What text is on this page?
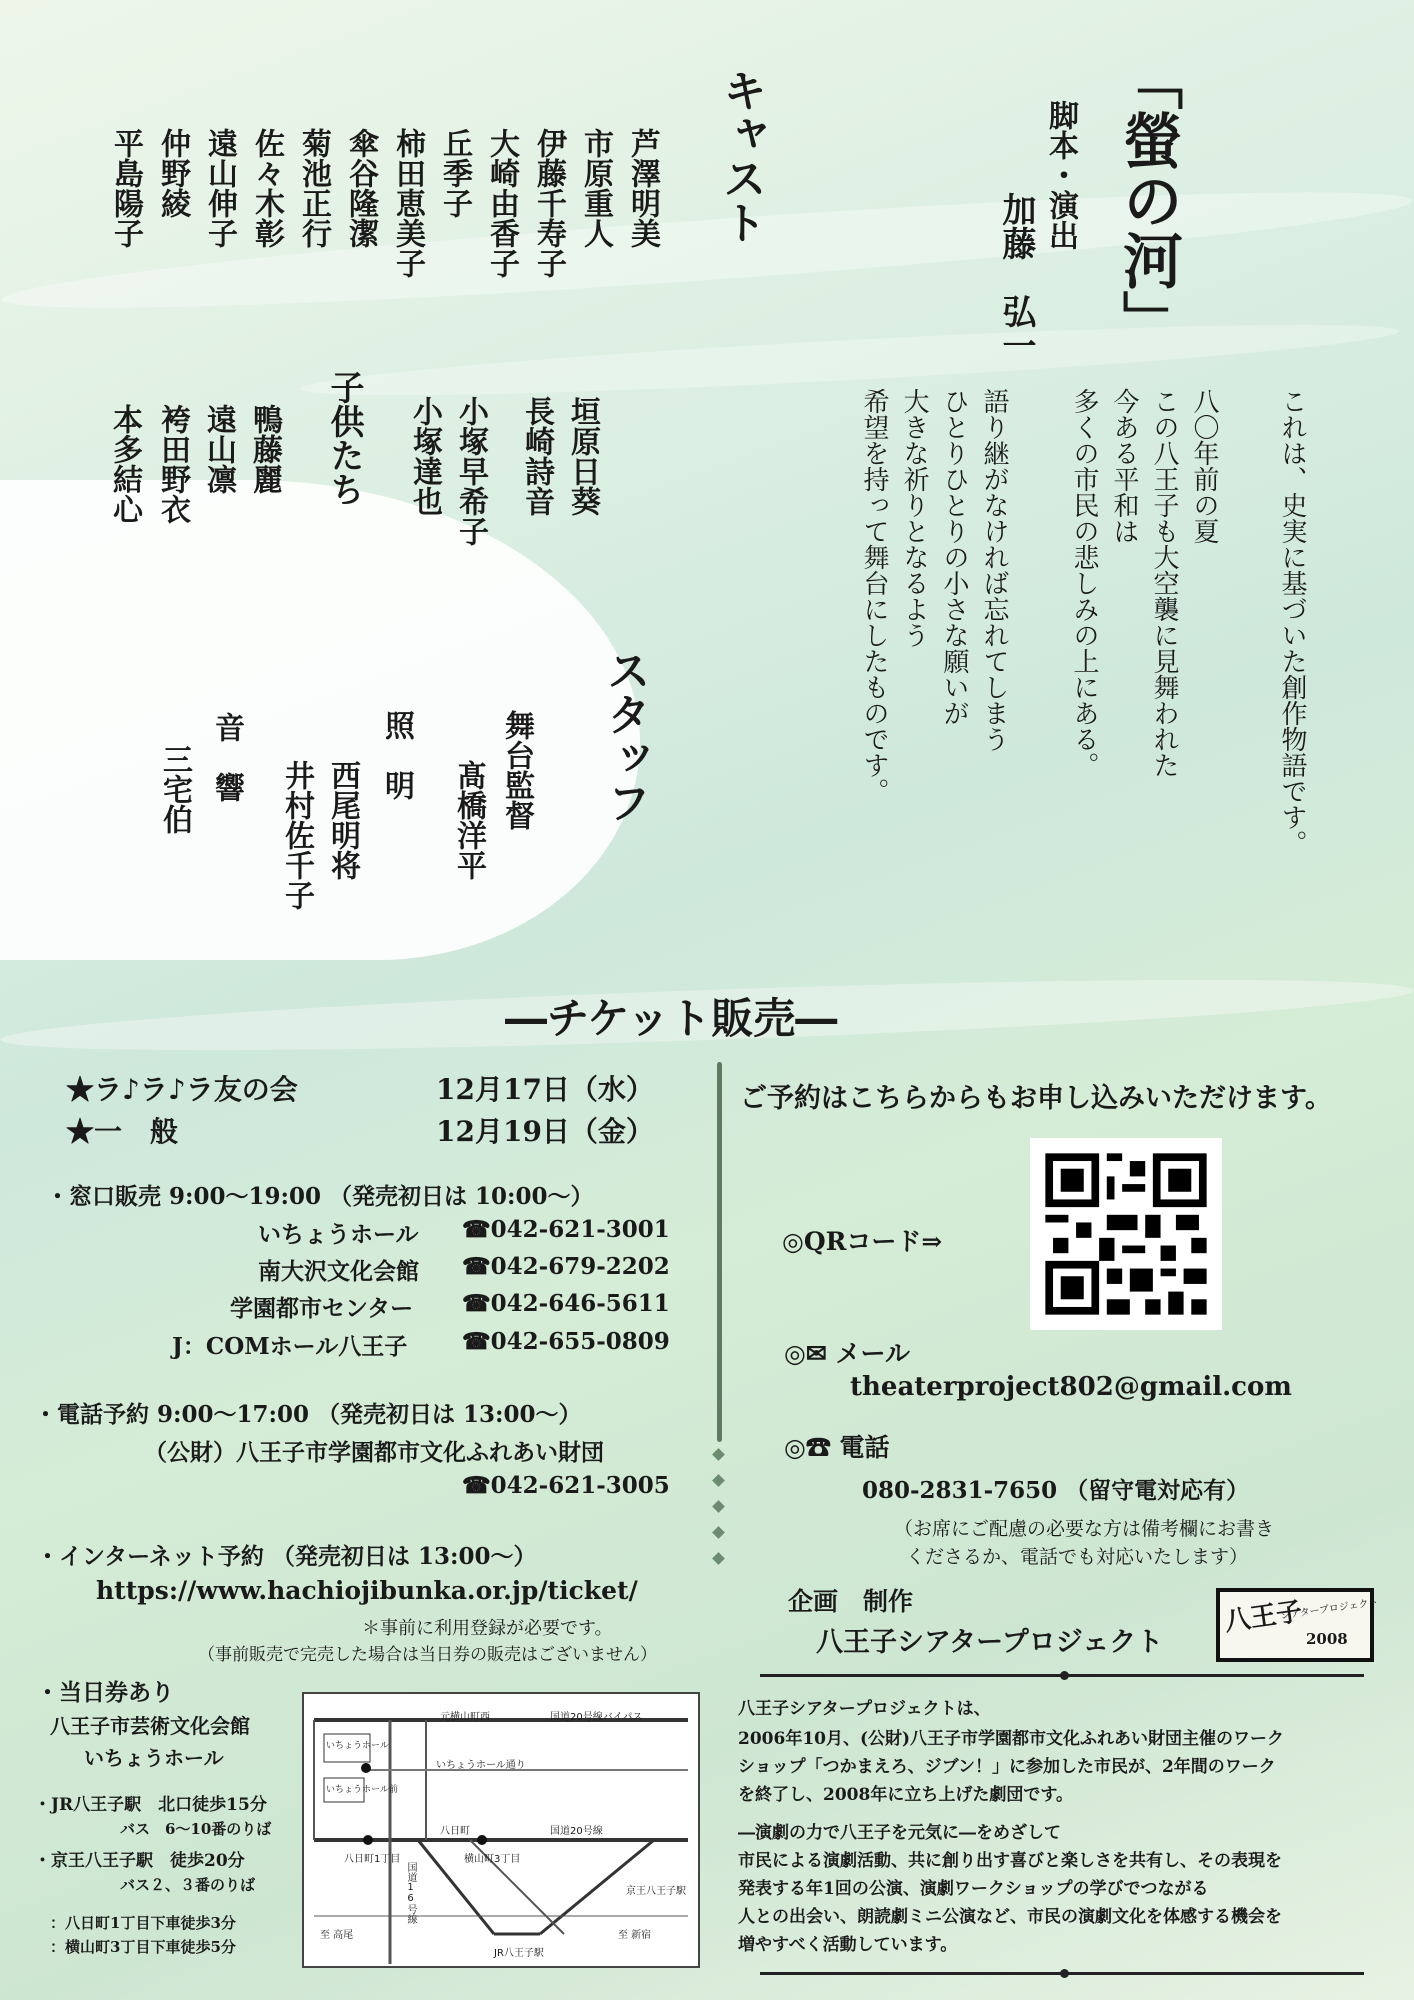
「螢の河」
脚本・演出
加藤　弘一
これは、史実に基づいた創作物語です。
八〇年前の夏
この八王子も大空襲に見舞われた
今ある平和は
多くの市民の悲しみの上にある。
語り継がなければ忘れてしまう
ひとりひとりの小さな願いが
大きな祈りとなるよう
希望を持って舞台にしたものです。
キャスト
芦澤明美
市原重人
伊藤千寿子
大崎由香子
丘季子
柿田恵美子
傘谷隆潔
菊池正行
佐々木彰
遠山伸子
仲野綾
平島陽子
垣原日葵
長崎詩音
小塚早希子
小塚達也
子供たち
鴨藤麗
遠山凛
袴田野衣
本多結心
スタッフ
舞台監督
髙橋洋平
照　明
西尾明将
井村佐千子
音　響
三宅伯
―チケット販売―
★ラ♪ラ♪ラ友の会	12月17日（水）
★一　般	12月19日（金）
・窓口販売 9:00〜19:00 （発売初日は 10:00〜）
いちょうホール ☎042-621-3001
南大沢文化会館 ☎042-679-2202
学園都市センター ☎042-646-5611
J：COMホール八王子 ☎042-655-0809
・電話予約 9:00〜17:00 （発売初日は 13:00〜）
（公財）八王子市学園都市文化ふれあい財団
☎042-621-3005
・インターネット予約 （発売初日は 13:00〜）
https://www.hachiojibunka.or.jp/ticket/
＊事前に利用登録が必要です。
（事前販売で完売した場合は当日券の販売はございません）
・当日券あり
八王子市芸術文化会館
いちょうホール
・JR八王子駅　北口徒歩15分
バス　6〜10番のりば
・京王八王子駅　徒歩20分
バス２、３番のりば
：八日町1丁目下車徒歩3分
：横山町3丁目下車徒歩5分
元横山町西	国道20号線バイパス
いちょうホール
いちょうホール通り
いちょうホール前
八日町	国道20号線
八日町1丁目	横山町3丁目
国道16号線	京王八王子駅
至 高尾	至 新宿
JR八王子駅
ご予約はこちらからもお申し込みいただけます。
◎QRコード⇒
◎✉ メール
theaterproject802@gmail.com
◎☎ 電話
080-2831-7650 （留守電対応有）
（お席にご配慮の必要な方は備考欄にお書き
くださるか、電話でも対応いたします）
企画　制作
八王子シアタープロジェクト
八王子
シアタープロジェクト
2008
八王子シアタープロジェクトは、
2006年10月、(公財)八王子市学園都市文化ふれあい財団主催のワーク
ショップ「つかまえろ、ジブン！」に参加した市民が、2年間のワーク
を終了し、2008年に立ち上げた劇団です。
―演劇の力で八王子を元気に―をめざして
市民による演劇活動、共に創り出す喜びと楽しさを共有し、その表現を
発表する年1回の公演、演劇ワークショップの学びでつながる
人との出会い、朗読劇ミニ公演など、市民の演劇文化を体感する機会を
増やすべく活動しています。
